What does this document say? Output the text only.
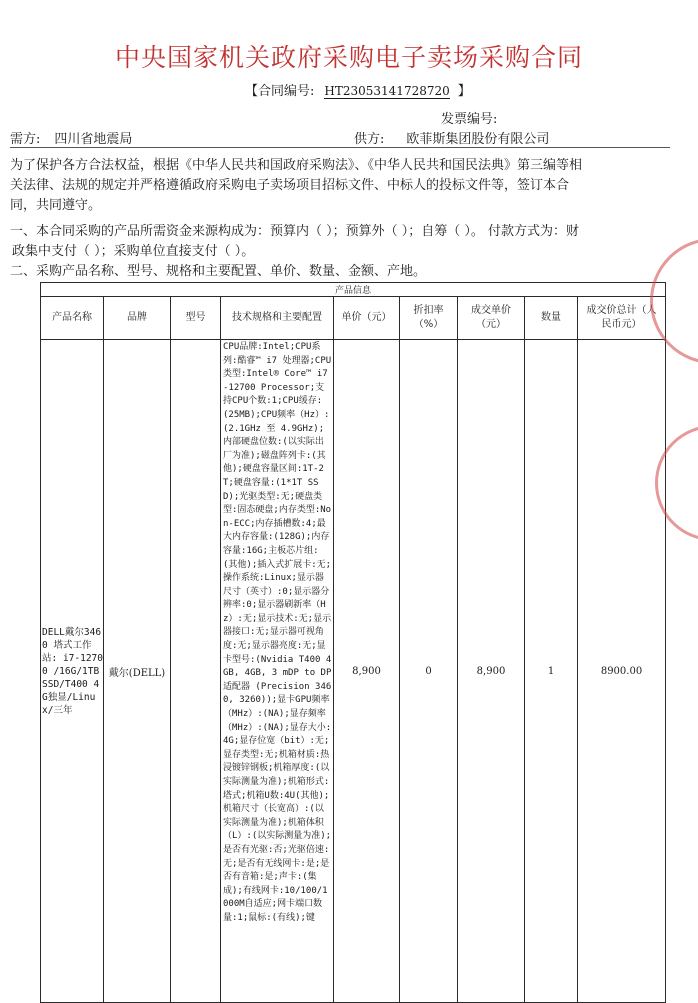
中央国家机关政府采购电子卖场采购合同
【合同编号: HT23053141728720 】
发票编号:
需方: 四川省地震局	供方: 欧菲斯集团股份有限公司
为了保护各方合法权益，根据《中华人民共和国政府采购法》、《中华人民共和国民法典》第三编等相
关法律、法规的规定并严格遵循政府采购电子卖场项目招标文件、中标人的投标文件等，签订本合
同，共同遵守。
一、本合同采购的产品所需资金来源构成为：预算内（ ）；预算外（ ）；自筹（ ）。 付款方式为：财
政集中支付（ ）；采购单位直接支付（ ）。
二、采购产品名称、型号、规格和主要配置、单价、数量、金额、产地。
产品信息								
产品名称	品牌	型号	技术规格和主要配置	单价（元）	折扣率（%）	成交单价（元）	数量	成交价总计（人民币元）
DELL戴尔3460 塔式工作站: i7-12700 /16G/1TB SSD/T400 4G独显/Linux/三年	戴尔(DELL)		CPU品牌:Intel;CPU系列:酷睿™ i7 处理器;CPU类型:Intel® Core™ i7-12700 Processor;支持CPU个数:1;CPU缓存:(25MB);CPU频率（Hz）:(2.1GHz 至 4.9GHz);内部硬盘位数:(以实际出厂为准);磁盘阵列卡:(其他);硬盘容量区间:1T-2T;硬盘容量:(1*1T SSD);光驱类型:无;硬盘类型:固态硬盘;内存类型:Non-ECC;内存插槽数:4;最大内存容量:(128G);内存容量:16G;主板芯片组:(其他);插入式扩展卡:无;操作系统:Linux;显示器尺寸（英寸）:0;显示器分辨率:0;显示器刷新率（Hz）:无;显示技术:无;显示器接口:无;显示器可视角度:无;显示器亮度:无;显卡型号:(Nvidia T400 4GB, 4GB, 3 mDP to DP 适配器 (Precision 3460, 3260));显卡GPU频率（MHz）:(NA);显存频率（MHz）:(NA);显存大小:4G;显存位宽（bit）:无;显存类型:无;机箱材质:热浸镀锌钢板;机箱厚度:(以实际测量为准);机箱形式:塔式;机箱U数:4U(其他);机箱尺寸（长宽高）:(以实际测量为准);机箱体积（L）:(以实际测量为准);是否有光驱:否;光驱倍速:无;是否有无线网卡:是;是否有音箱:是;声卡:(集成);有线网卡:10/100/1000M自适应;网卡端口数量:1;鼠标:(有线);键	8,900	0	8,900	1	8900.00
